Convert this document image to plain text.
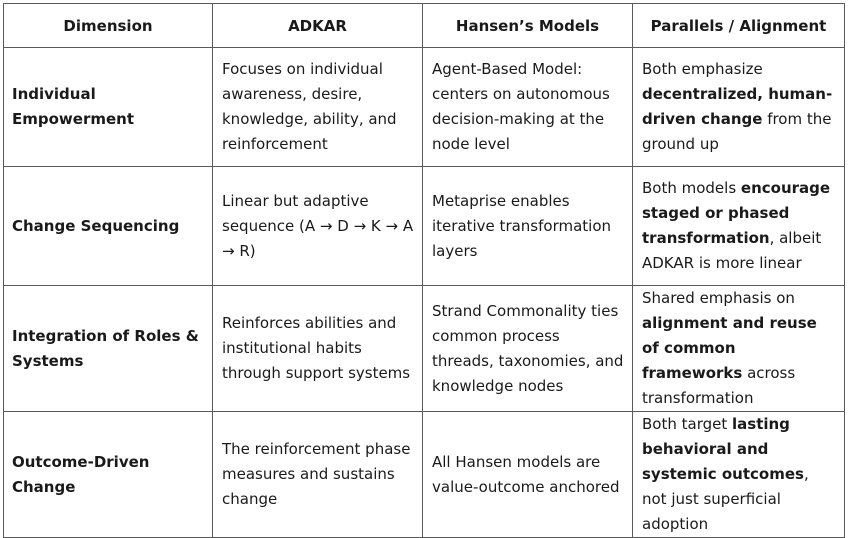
Dimension	ADKAR	Hansen’s Models	Parallels / Alignment
Individual Empowerment	Focuses on individual awareness, desire, knowledge, ability, and reinforcement	Agent-Based Model: centers on autonomous decision-making at the node level	Both emphasize decentralized, human-driven change from the ground up
Change Sequencing	Linear but adaptive sequence (A → D → K → A → R)	Metaprise enables iterative transformation layers	Both models encourage staged or phased transformation, albeit ADKAR is more linear
Integration of Roles & Systems	Reinforces abilities and institutional habits through support systems	Strand Commonality ties common process threads, taxonomies, and knowledge nodes	Shared emphasis on alignment and reuse of common frameworks across transformation
Outcome-Driven Change	The reinforcement phase measures and sustains change	All Hansen models are value-outcome anchored	Both target lasting behavioral and systemic outcomes, not just superficial adoption
